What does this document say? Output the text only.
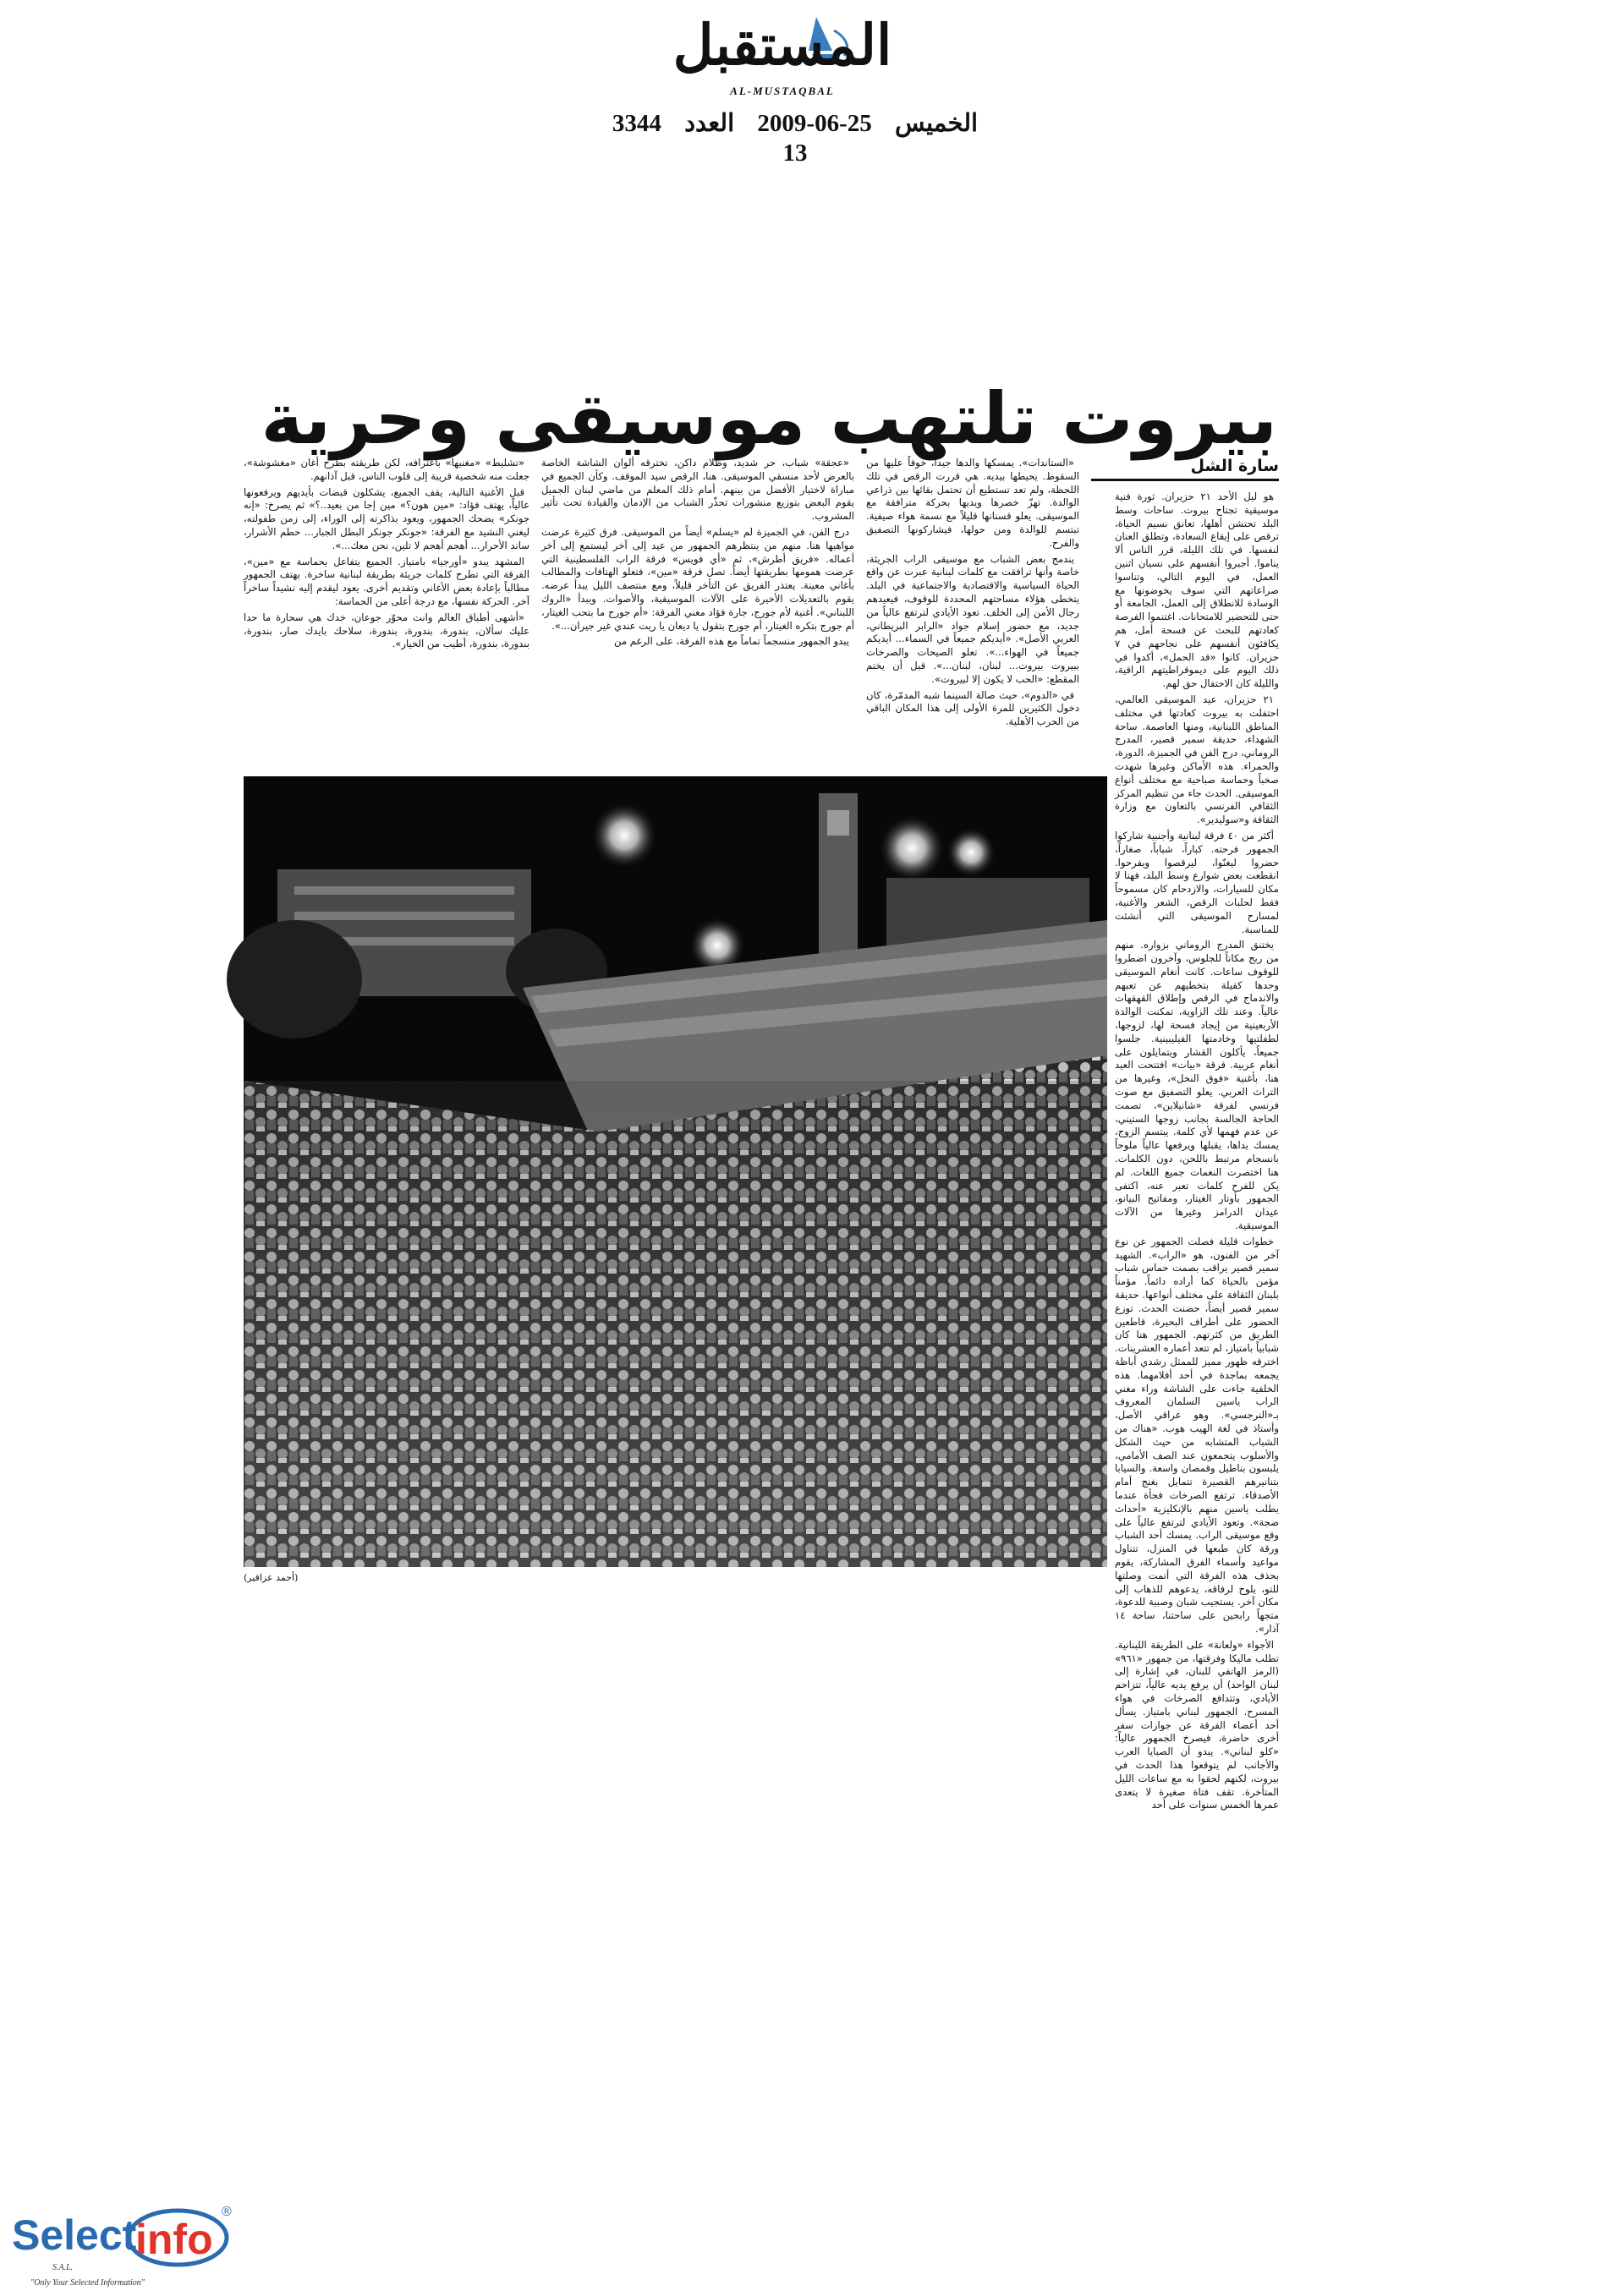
المستقبل
AL-MUSTAQBAL
الخميس 25-06-2009 العدد 3344
13
بيروت تلتهب موسيقى وحرية
سارة الشل

هو ليل الأحد ٢١ حزيران. ثورة فنية موسيقية تجتاح بيروت. ساحات وسط البلد تحتشن أهلها، تعانق نسيم الحياة، ترقص على إيقاع السعادة، وتطلق العنان لنفسها. في تلك الليلة، قرر الناس ألا يناموا. أجبروا أنفسهم على نسيان اثنين العمل، في اليوم التالي، وتناسوا صراعاتهم التي سوف يخوضونها مع الوسادة للانطلاق إلى العمل، الجامعة أو حتى للتحضير للامتحانات. اغتنموا الفرصة كعادتهم للبحث عن فسحة أمل، هم يكافئون أنفسهم على نجاحهم في ٧ حزيران. كانوا «قد الحمل»، أكدوا في ذلك اليوم على ديموقراطيتهم الراقية، والليلة كان الاحتفال حق لهم.

٢١ حزيران، عيد الموسيقى العالمي، احتفلت به بيروت كعادتها في مختلف المناطق اللبنانية، ومنها العاصمة. ساحة الشهداء، حديقة سمير قصير، المدرج الروماني، درج الفن في الجميزة، الدورة، والحمراء. هذه الأماكن وغيرها شهدت صخباً وحماسة صباحية مع مختلف أنواع الموسيقى. الحدث جاء من تنظيم المركز الثقافي الفرنسي بالتعاون مع وزارة الثقافة و«سوليدير».

أكثر من ٤٠ فرقة لبنانية وأجنبية شاركوا الجمهور فرحته. كباراً، شباباً، صغاراً، حضروا ليغنّوا، ليرقصوا ويفرحوا. انقطعت بعض شوارع وسط البلد، فهنا لا مكان للسيارات، والازدحام كان مسموحاً فقط لحلبات الرقص، الشعر والأغنية، لمسارح الموسيقى التي أنشئت للمناسبة.

يختنق المدرج الروماني بزواره. منهم من ربح مكاناً للجلوس، وآخرون اضطروا للوقوف ساعات. كانت أنغام الموسيقى وحدها كفيلة بتخطيهم عن تعبهم والاندماج في الرقص وإطلاق القهقهات عالياً. وعند تلك الزاوية، تمكنت الوالدة الأربعينية من إيجاد فسحة لها، لزوجها، لطفلتيها وخادمتها الفيليبينية. جلسوا جميعاً، يأكلون القشار ويتمايلون على أنغام عربية. فرقة «بيات» افتتحت العيد هنا، بأغنية «فوق النخل»، وغيرها من التراث العربي. يعلو التصفيق مع صوت فرنسي لفرقة «شانيلاين»، تصمت الحاجة الجالسة بجانب زوجها الستيني، عن عدم فهمها لأي كلمة. يبتسم الزوج، يمسك يداها، يقبلها ويرفعها عالياً ملوحاً بانسجام مرتبط باللحن، دون الكلمات. هنا اختصرت النغمات جميع اللغات. لم يكن للفرح كلمات تعبر عنه، اكتفى الجمهور بأوتار الغيتار، ومفاتيح البيانو، عيدان الدرامز وغيرها من الآلات الموسيقية.

خطوات قليلة فصلت الجمهور عن نوع آخر من الفنون، هو «الراب». الشهيد سمير قصير يراقب بصمت حماس شباب مؤمن بالحياة كما أراده دائماً. مؤمناً بلبنان الثقافة على مختلف أنواعها. حديقة سمير قصير أيضاً، حضنت الحدث. توزع الحضور على أطراف البحيرة، قاطعين الطريق من كثرتهم. الجمهور هنا كان شبابياً بامتياز، لم تتعد أعماره العشرينات. اخترقه ظهور مميز للممثل رشدي أباظة يجمعه بماجدة في أحد أفلامهما. هذه الخلفية جاءت على الشاشة وراء مغني الراب ياسين السلمان المعروف بـ«النرجسي». وهو عراقي الأصل، وأستاذ في لغة الهيب هوب. «هناك من الشباب المتشابه من حيث الشكل والأسلوب يتجمعون عند الصف الأمامي، يلبسون بناطيل وقمصان واسعة. والسيابا بتنانيرهم القصيرة تتمايل بغنج أمام الأصدقاء. ترتفع الصرخات فجأة عندما يطلب ياسين منهم بالإنكليزية «أحداث ضجة». وتعود الأيادي لترتفع عالياً على وقع موسيقى الراب. يمسك أحد الشباب ورقة كان طبعها في المنزل، تتناول مواعيد وأسماء الفرق المشاركة، يقوم بحذف هذه الفرقة التي أتمت وصلتها للتو، يلوح لرفاقه، يدعوهم للذهاب إلى مكان آخر. يستجيب شبان وصبية للدعوة، متجهاً رابحين على ساحتنا، ساحة ١٤ آذار».

الأجواء «ولعانة» على الطريقة اللبنانية. تطلب ماليكا وفرقتها، من جمهور «٩٦١» (الرمز الهاتفي للبنان، في إشارة إلى لبنان الواحد) أن يرفع يديه عالياً، تتزاحم الأيادي، وتتدافع الصرخات في هواء المسرح. الجمهور لبناني بامتياز. يسأل أحد أعضاء الفرقة عن جوازات سفر أخرى حاضرة، فيصرخ الجمهور عالياً: «كلو لبناني». يبدو أن الصبايا العرب والأجانب لم يتوقعوا هذا الحدث في بيروت، لكنهم لحقوا به مع ساعات الليل المتأخرة. تقف فتاة صغيرة لا يتعدى عمرها الخمس سنوات على أحد

«الستاندات». يمسكها والدها جيداً، خوفاً عليها من السقوط. يحيطها بيديه. هي قررت الرقص في تلك اللحظة، ولم تعد تستطيع أن تحتمل بقائها بين ذراعي الوالدة. تهزّ خصرها ويديها بحركة مترافقة مع الموسيقى. يعلو قسنانها قليلاً مع نسمة هواء صيفية. تبتسم للوالدة ومن حولها، فيشاركونها التصفيق والفرح.

يندمج بعض الشباب مع موسيقى الراب الجريئة، خاصة وأنها ترافقت مع كلمات لبنانية عبرت عن واقع الحياة السياسية والاقتصادية والاجتماعية في البلد. يتخطى هؤلاء مساحتهم المحددة للوقوف، فيعيدهم رجال الأمن إلى الخلف. تعود الأيادي لترتفع عالياً من جديد، مع حضور إسلام جواد «الرابر البريطاني، العربي الأصل». «أيديكم جميعاً في السماء... أيديكم جميعاً في الهواء...». تعلو الصيحات والصرخات ببيروت بيروت... لبنان، لبنان...». قبل أن يختم المقطع: «الحب لا يكون إلا لبيروت».

في «الدوم»، حيث صالة السينما شبه المدمّرة، كان دخول الكثيرين للمرة الأولى إلى هذا المكان الباقي من الحرب الأهلية.

«عجقة» شباب، حر شديد، وظلام داكن، تخترقه ألوان الشاشة الخاصة بالعرض لأحد منسقي الموسيقى. هنا، الرقص سيد الموقف. وكأن الجميع في مباراة لاختيار الأفضل من بينهم. أمام ذلك المعلم من ماضي لبنان الجميل يقوم البعض بتوزيع منشورات تحذّر الشباب من الإدمان والقيادة تحت تأثير المشروب.

درج الفن، في الجميزة لم «يسلم» أيضاً من الموسيقى. فرق كثيرة عرضت مواهبها هنا. منهم من ينتظرهم الجمهور من عيد إلى آخر ليستمع إلى آخر أعماله. «فريق أطرش»، ثم «أي فويس» فرقة الراب الفلسطينية التي عرضت همومها بطريقتها أيضاً. تصل فرقة «مين»، فتعلو الهتافات والمطالب بأغاني معينة. يعتذر الفريق عن التأخر قليلاً، ومع منتصف الليل يبدأ عرضه. يقوم بالتعديلات الأخيرة على الآلات الموسيقية، والأصوات. ويبدأ «الروك اللبناني». أغنية لأم جورج، جارة فؤاد مغني الفرقة: «أم جورج ما بتحب الغيتار، أم جورج بتكره الغيتار، أم جورج بتقول يا ديعان يا ريت عندي غير جيران...».

يبدو الجمهور منسجماً تماماً مع هذه الفرقة، على الرغم من

«تشليط» «مغنيها» باعترافه، لكن طريقته بطرح أغان «مغشوشة»، جعلت منه شخصية قريبة إلى قلوب الناس، قبل آذانهم.

قبل الأغنية التالية، يقف الجميع، يشكلون قبضات بأيديهم ويرفعونها عالياً، يهتف فؤاد: «مين هون؟» مين إجا من بعيد..؟» ثم يصرخ: «إنه جونكر» يضحك الجمهور، ويعود بذاكرته إلى الوراء، إلى زمن طفولته، ليغني النشيد مع الفرقة: «جونكر جونكر البطل الجبار... حطم الأشرار، ساند الأحرار... أهجم أهجم لا تلين، نحن معك...».

المشهد يبدو «أورجيا» بامتياز. الجميع يتفاعل بحماسة مع «مين»، الفرقة التي تطرح كلمات جريئة بطريقة لبنانية ساخرة. يهتف الجمهور مطالباً بإعادة بعض الأغاني وتقديم أخرى. يعود ليقدم إليه نشيداً ساخراً آخر. الحركة نفسها، مع درجة أعلى من الحماسة:

«أشهى أطباق العالم وانت محوّر جوعان، خدك هي سحارة ما حدا عليك سألان، بندورة، بندورة، بندورة، سلاحك بايدك صار، بندورة، بندورة، بندورة، أطيب من الخيار».

(أحمد عزاقير)
Select
info
®
S.A.L.
"Only Your Selected Information"
